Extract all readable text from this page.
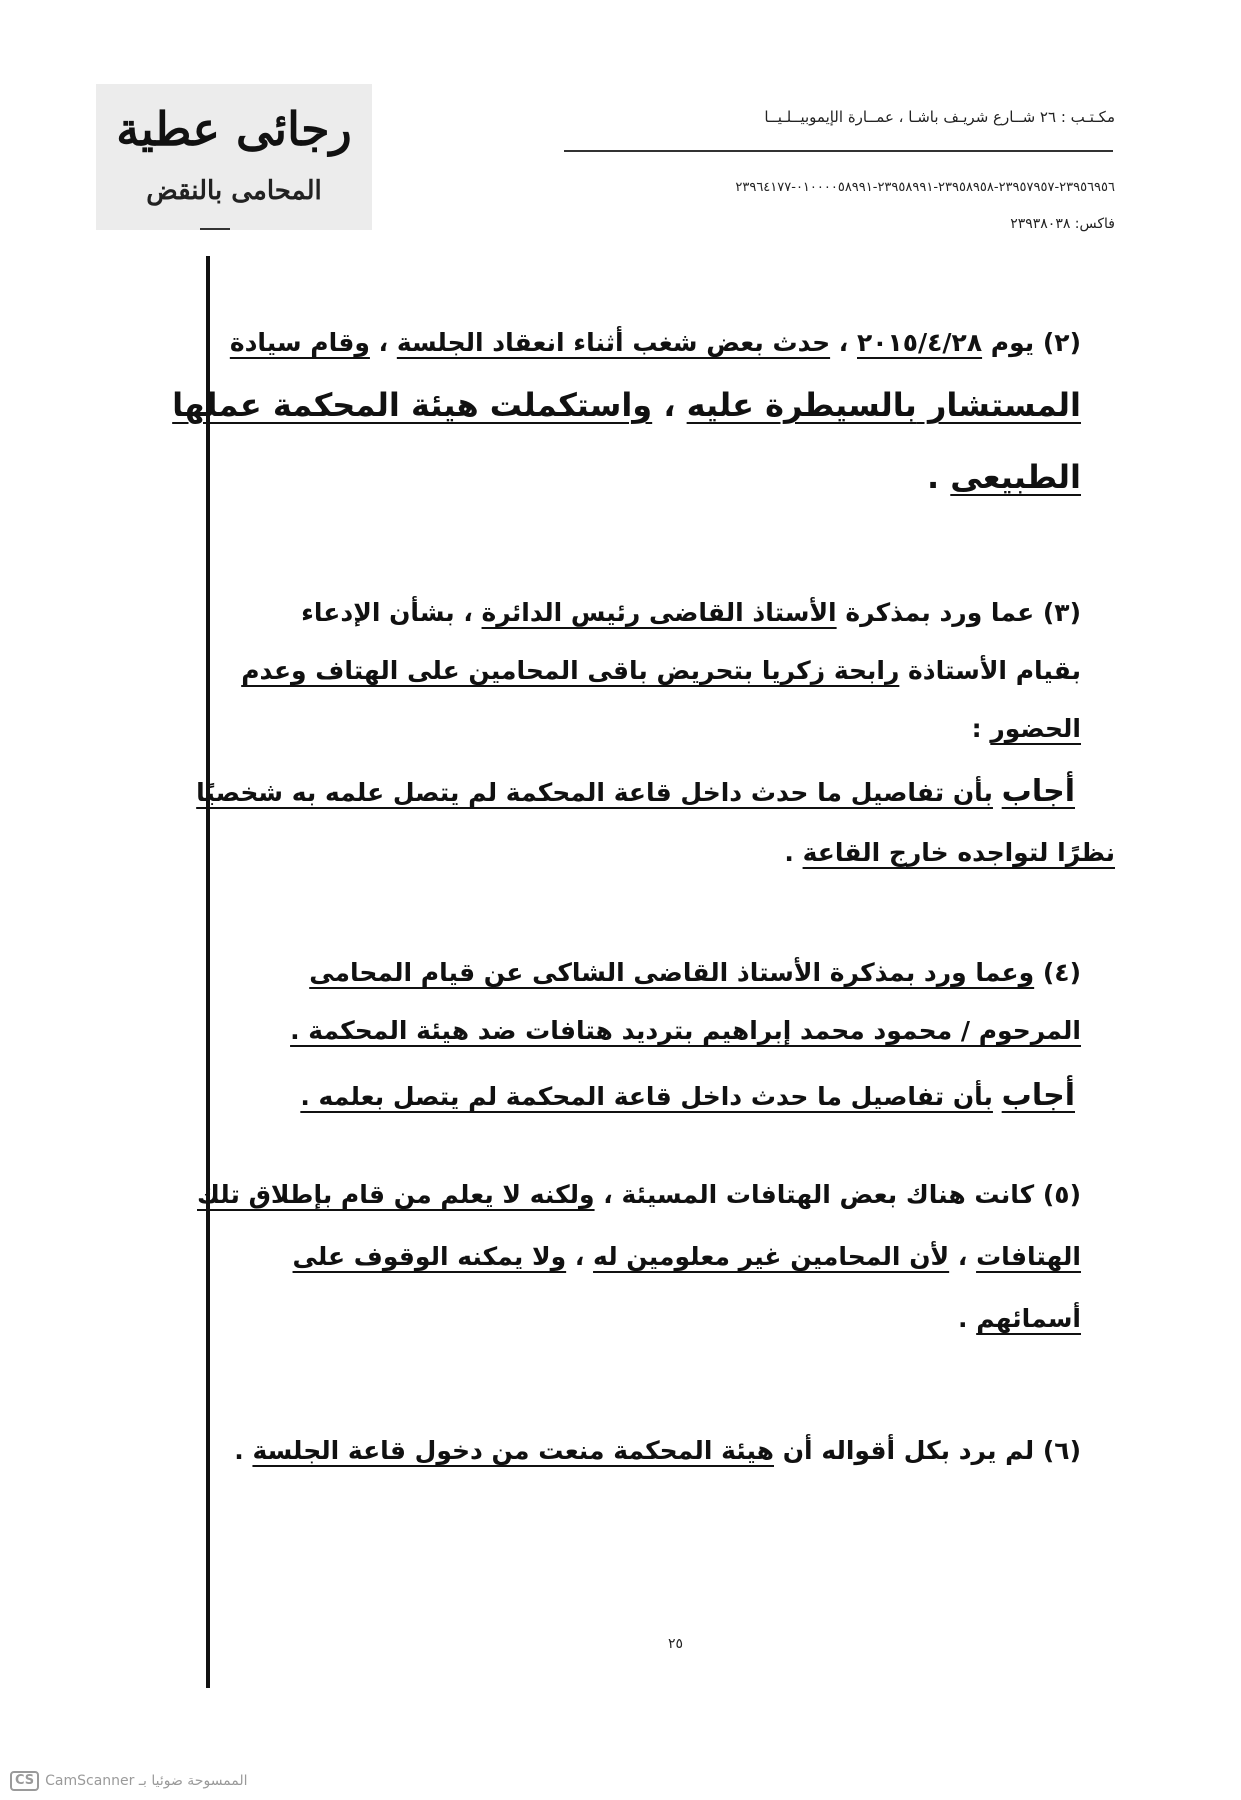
رجائى عطية
المحامى بالنقض
مكـتـب : ٢٦ شــارع شريـف باشـا ، عمــارة الإيموبيــلـيــا
٢٣٩٥٦٩٥٦-٢٣٩٥٧٩٥٧-٢٣٩٥٨٩٥٨-٢٣٩٥٨٩٩١-٠١٠٠٠٠٥٨٩٩١-٢٣٩٦٤١٧٧
فاكس: ٢٣٩٣٨٠٣٨
(٢) يوم ٢٠١٥/٤/٢٨ ، حدث بعض شغب أثناء انعقاد الجلسة ، وقام سيادة
المستشار بالسيطرة عليه ، واستكملت هيئة المحكمة عملها
الطبيعى .
(٣) عما ورد بمذكرة الأستاذ القاضى رئيس الدائرة ، بشأن الإدعاء
بقيام الأستاذة رابحة زكريا بتحريض باقى المحامين على الهتاف وعدم
الحضور :
أجاب بأن تفاصيل ما حدث داخل قاعة المحكمة لم يتصل علمه به شخصيًا
نظرًا لتواجده خارج القاعة .
(٤) وعما ورد بمذكرة الأستاذ القاضى الشاكى عن قيام المحامى
المرحوم / محمود محمد إبراهيم بترديد هتافات ضد هيئة المحكمة .
أجاب بأن تفاصيل ما حدث داخل قاعة المحكمة لم يتصل بعلمه .
(٥) كانت هناك بعض الهتافات المسيئة ، ولكنه لا يعلم من قام بإطلاق تلك
الهتافات ، لأن المحامين غير معلومين له ، ولا يمكنه الوقوف على
أسمائهم .
(٦) لم يرد بكل أقواله أن هيئة المحكمة منعت من دخول قاعة الجلسة .
٢٥
CS CamScanner الممسوحة ضوئيا بـ
